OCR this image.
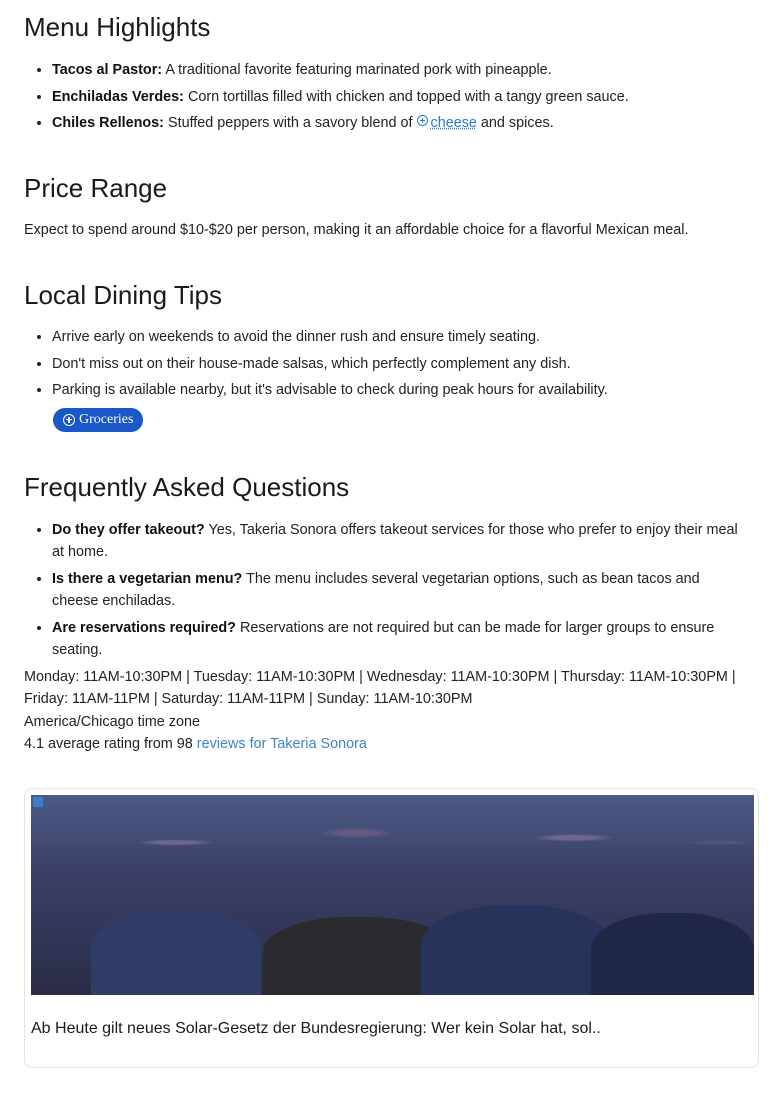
Menu Highlights
• Tacos al Pastor: A traditional favorite featuring marinated pork with pineapple.
• Enchiladas Verdes: Corn tortillas filled with chicken and topped with a tangy green sauce.
• Chiles Rellenos: Stuffed peppers with a savory blend of cheese and spices.
Price Range

Expect to spend around $10-$20 per person, making it an affordable choice for a flavorful Mexican meal.

Local Dining Tips
• Arrive early on weekends to avoid the dinner rush and ensure timely seating.
• Don't miss out on their house-made salsas, which perfectly complement any dish.
• Parking is available nearby, but it's advisable to check during peak hours for availability.
Groceries
Frequently Asked Questions
• Do they offer takeout? Yes, Takeria Sonora offers takeout services for those who prefer to enjoy their meal at home.
• Is there a vegetarian menu? The menu includes several vegetarian options, such as bean tacos and cheese enchiladas.
• Are reservations required? Reservations are not required but can be made for larger groups to ensure seating.
Monday: 11AM-10:30PM | Tuesday: 11AM-10:30PM | Wednesday: 11AM-10:30PM | Thursday: 11AM-10:30PM | Friday: 11AM-11PM | Saturday: 11AM-11PM | Sunday: 11AM-10:30PM
America/Chicago time zone
4.1 average rating from 98 reviews for Takeria Sonora
Ab Heute gilt neues Solar-Gesetz der Bundesregierung: Wer kein Solar hat, sol..
